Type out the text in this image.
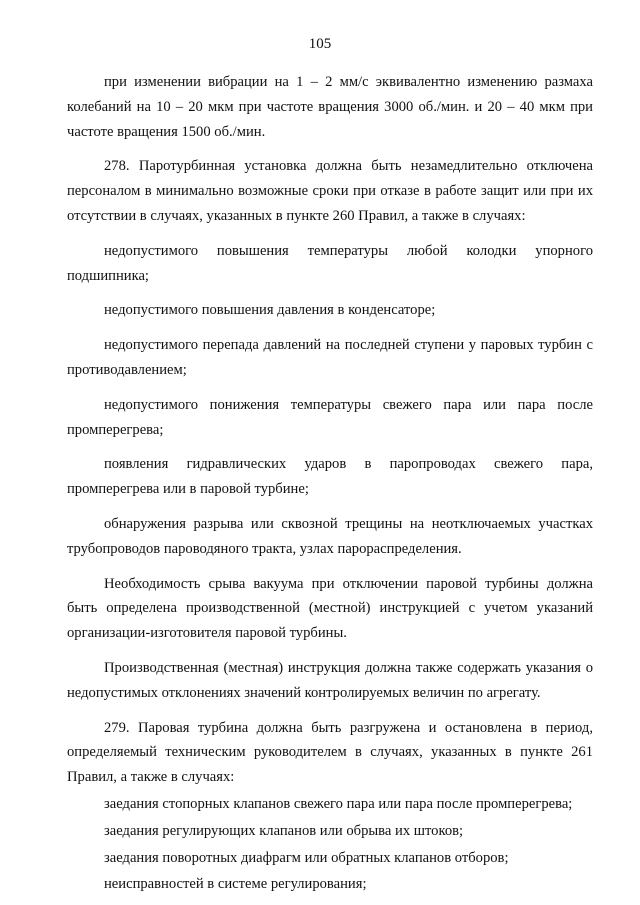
105

при изменении вибрации на 1 – 2 мм/с эквивалентно изменению размаха колебаний на 10 – 20 мкм при частоте вращения 3000 об./мин. и 20 – 40 мкм при частоте вращения 1500 об./мин.

278. Паротурбинная установка должна быть незамедлительно отключена персоналом в минимально возможные сроки при отказе в работе защит или при их отсутствии в случаях, указанных в пункте 260 Правил, а также в случаях:

недопустимого повышения температуры любой колодки упорного подшипника;

недопустимого повышения давления в конденсаторе;

недопустимого перепада давлений на последней ступени у паровых турбин с противодавлением;

недопустимого понижения температуры свежего пара или пара после промперегрева;

появления гидравлических ударов в паропроводах свежего пара, промперегрева или в паровой турбине;

обнаружения разрыва или сквозной трещины на неотключаемых участках трубопроводов пароводяного тракта, узлах парораспределения.

Необходимость срыва вакуума при отключении паровой турбины должна быть определена производственной (местной) инструкцией с учетом указаний организации-изготовителя паровой турбины.

Производственная (местная) инструкция должна также содержать указания о недопустимых отклонениях значений контролируемых величин по агрегату.

279. Паровая турбина должна быть разгружена и остановлена в период, определяемый техническим руководителем в случаях, указанных в пункте 261 Правил, а также в случаях:

заедания стопорных клапанов свежего пара или пара после промперегрева;

заедания регулирующих клапанов или обрыва их штоков;

заедания поворотных диафрагм или обратных клапанов отборов;

неисправностей в системе регулирования;
